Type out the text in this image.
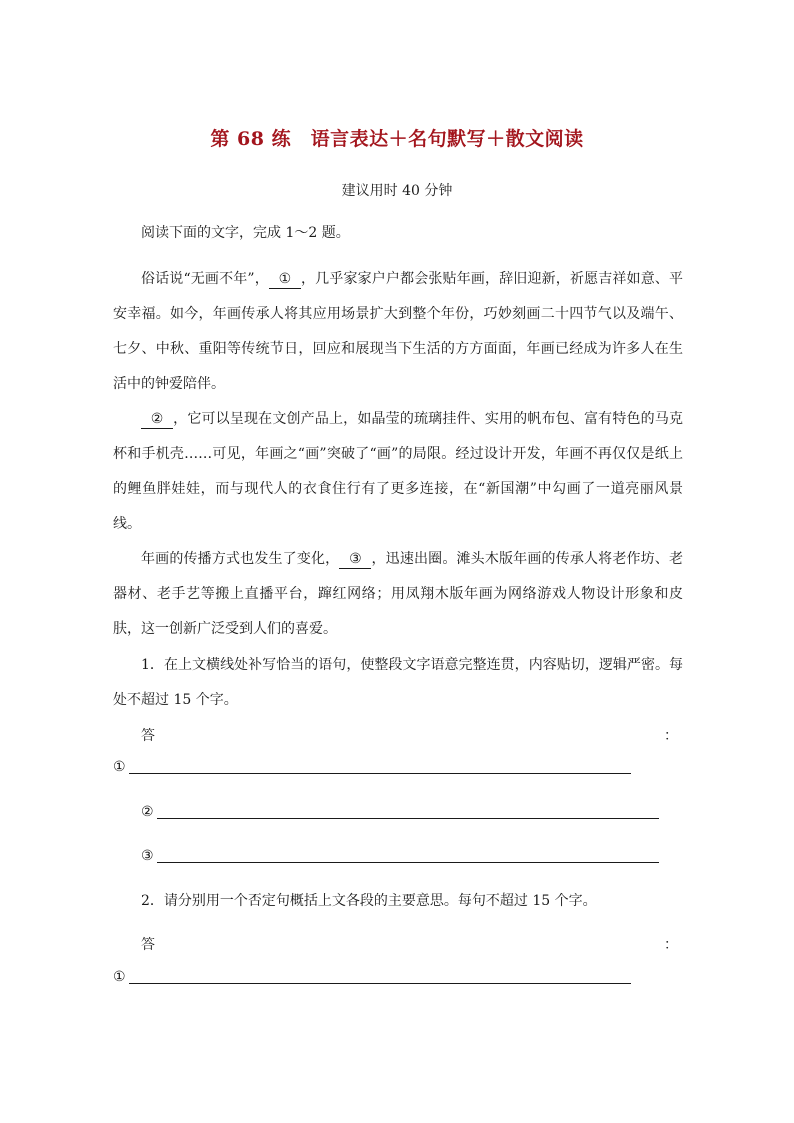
第 68 练　语言表达＋名句默写＋散文阅读
建议用时 40 分钟
阅读下面的文字，完成 1～2 题。
俗话说“无画不年”， ① ，几乎家家户户都会张贴年画，辞旧迎新，祈愿吉祥如意、平安幸福。如今，年画传承人将其应用场景扩大到整个年份，巧妙刻画二十四节气以及端午、七夕、中秋、重阳等传统节日，回应和展现当下生活的方方面面，年画已经成为许多人在生活中的钟爱陪伴。
② ，它可以呈现在文创产品上，如晶莹的琉璃挂件、实用的帆布包、富有特色的马克杯和手机壳……可见，年画之“画”突破了“画”的局限。经过设计开发，年画不再仅仅是纸上的鲤鱼胖娃娃，而与现代人的衣食住行有了更多连接，在“新国潮”中勾画了一道亮丽风景线。
年画的传播方式也发生了变化， ③ ，迅速出圈。滩头木版年画的传承人将老作坊、老器材、老手艺等搬上直播平台，蹿红网络；用凤翔木版年画为网络游戏人物设计形象和皮肤，这一创新广泛受到人们的喜爱。
1．在上文横线处补写恰当的语句，使整段文字语意完整连贯，内容贴切，逻辑严密。每处不超过 15 个字。
答	：
①
②
③
2．请分别用一个否定句概括上文各段的主要意思。每句不超过 15 个字。
答	：
①
